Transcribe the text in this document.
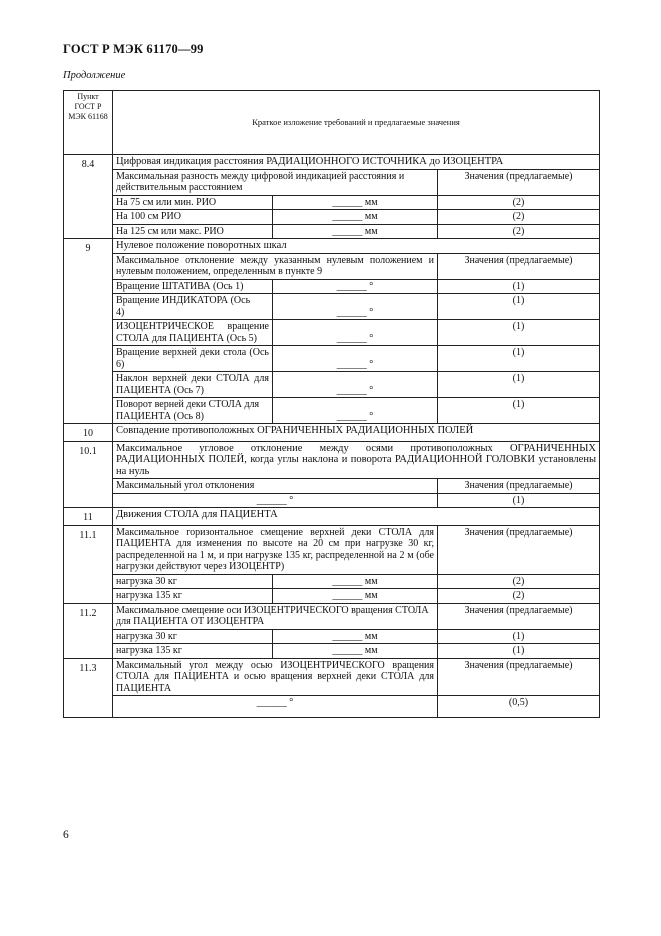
ГОСТ Р МЭК 61170—99
Продолжение
Пункт ГОСТ Р МЭК 61168	Краткое изложение требований и предлагаемые значения		
8.4	Цифровая индикация расстояния РАДИАЦИОННОГО ИСТОЧНИКА до ИЗОЦЕНТРА		
	Максимальная разность между цифровой индикацией расстояния и действительным расстоянием		Значения (предлагаемые)
	На 75 см или мин. РИО	______ мм	(2)
	На 100 см РИО	______ мм	(2)
	На 125 см или макс. РИО	______ мм	(2)
9	Нулевое положение поворотных шкал		
	Максимальное отклонение между указанным нулевым положением и нулевым положением, определенным в пункте 9		Значения (предлагаемые)
	Вращение ШТАТИВА (Ось 1)	______ °	(1)

	Вращение ИНДИКАТОРА (Ось 4)	______ °	(1)
	ИЗОЦЕНТРИЧЕСКОЕ вращение СТОЛА для ПАЦИЕНТА (Ось 5)	______ °	(1)
	Вращение верхней деки стола (Ось 6)	______ °	(1)
	Наклон верхней деки СТОЛА для ПАЦИЕНТА (Ось 7)	______ °	(1)
	Поворот верней деки СТОЛА для ПАЦИЕНТА (Ось 8)	______ °	(1)
10	Совпадение противоположных ОГРАНИЧЕННЫХ РАДИАЦИОННЫХ ПОЛЕЙ		
10.1	Максимальное угловое отклонение между осями противоположных ОГРАНИЧЕННЫХ РАДИАЦИОННЫХ ПОЛЕЙ, когда углы наклона и поворота РАДИАЦИОННОЙ ГОЛОВКИ установлены на нуль		
	Максимальный угол отклонения		Значения (предлагаемые)
	______ °		(1)
11	Движения СТОЛА для ПАЦИЕНТА		
11.1	Максимальное горизонтальное смещение верхней деки СТОЛА для ПАЦИЕНТА для изменения по высоте на 20 см при нагрузке 30 кг, распределенной на 1 м, и при нагрузке 135 кг, распределенной на 2 м (обе нагрузки действуют через ИЗОЦЕНТР)		Значения (предлагаемые)
	нагрузка 30 кг	______ мм	(2)
	нагрузка 135 кг	______ мм	(2)
11.2	Максимальное смещение оси ИЗОЦЕНТРИЧЕСКОГО вращения СТОЛА для ПАЦИЕНТА ОТ ИЗОЦЕНТРА		Значения (предлагаемые)
	нагрузка 30 кг	______ мм	(1)
	нагрузка 135 кг	______ мм	(1)
11.3	Максимальный угол между осью ИЗОЦЕНТРИЧЕСКОГО вращения СТОЛА для ПАЦИЕНТА и осью вращения верхней деки СТОЛА для ПАЦИЕНТА		Значения (предлагаемые)
	______ °		(0,5)
6
